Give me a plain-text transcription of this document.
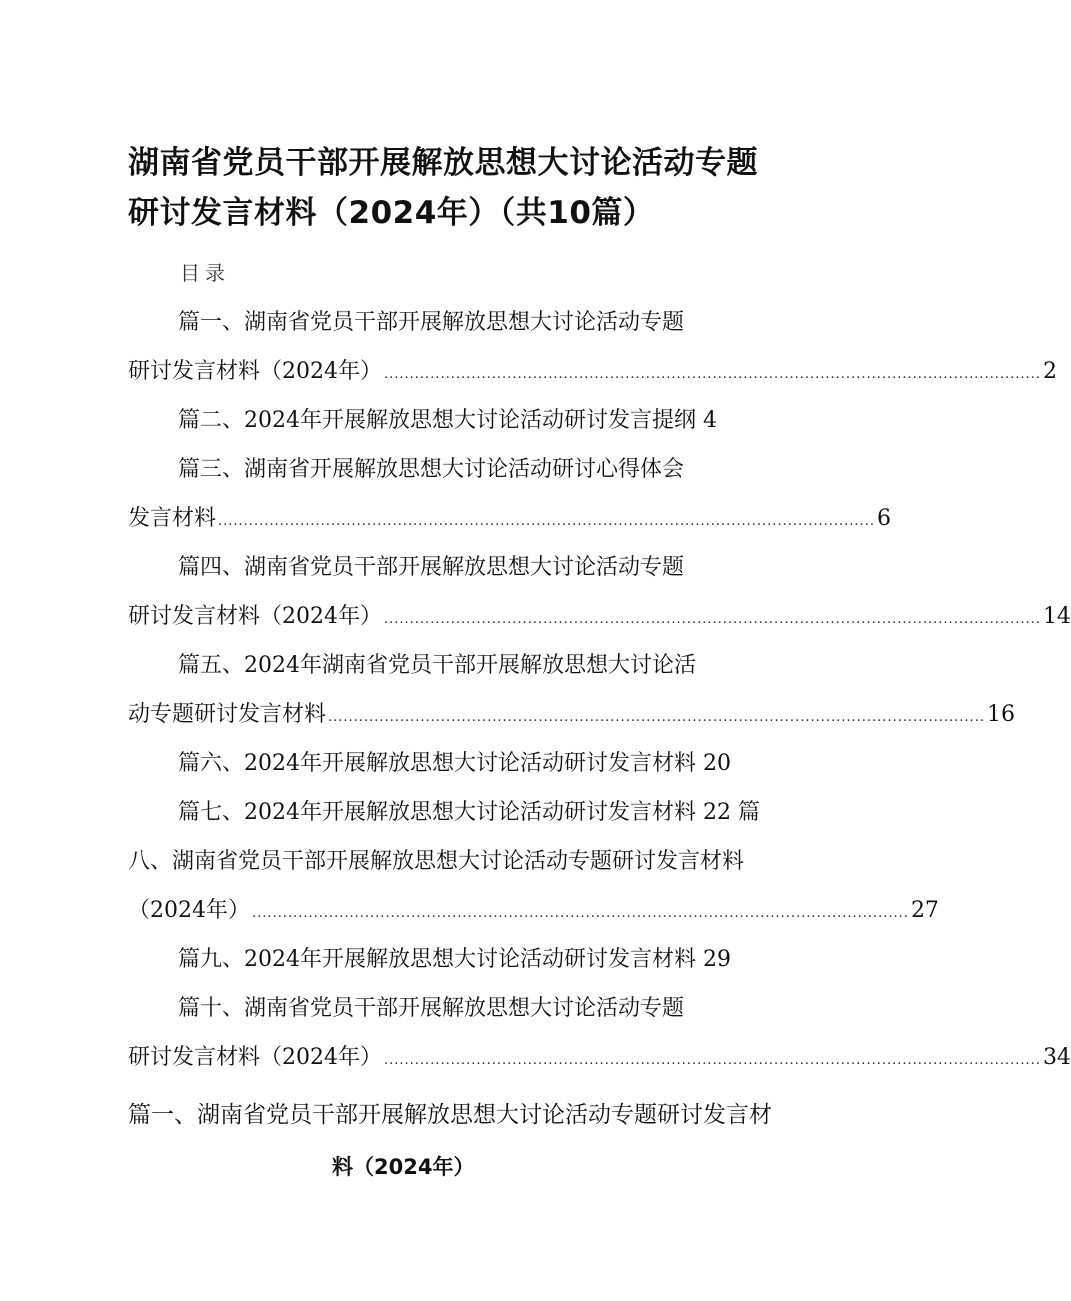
湖南省党员干部开展解放思想大讨论活动专题
研讨发言材料（2024年）（共10篇）
目录
篇一、湖南省党员干部开展解放思想大讨论活动专题
研讨发言材料（2024年） ................................................................................................................................ 2
篇二、2024年开展解放思想大讨论活动研讨发言提纲 4
篇三、湖南省开展解放思想大讨论活动研讨心得体会
发言材料 ................................................................................................................................ 6
篇四、湖南省党员干部开展解放思想大讨论活动专题
研讨发言材料（2024年） ................................................................................................................................ 14
篇五、2024年湖南省党员干部开展解放思想大讨论活
动专题研讨发言材料 ................................................................................................................................ 16
篇六、2024年开展解放思想大讨论活动研讨发言材料 20
篇七、2024年开展解放思想大讨论活动研讨发言材料 22 篇
八、湖南省党员干部开展解放思想大讨论活动专题研讨发言材料
（2024年） ................................................................................................................................ 27
篇九、2024年开展解放思想大讨论活动研讨发言材料 29
篇十、湖南省党员干部开展解放思想大讨论活动专题
研讨发言材料（2024年） ................................................................................................................................ 34
篇一、湖南省党员干部开展解放思想大讨论活动专题研讨发言材
料（2024年）
